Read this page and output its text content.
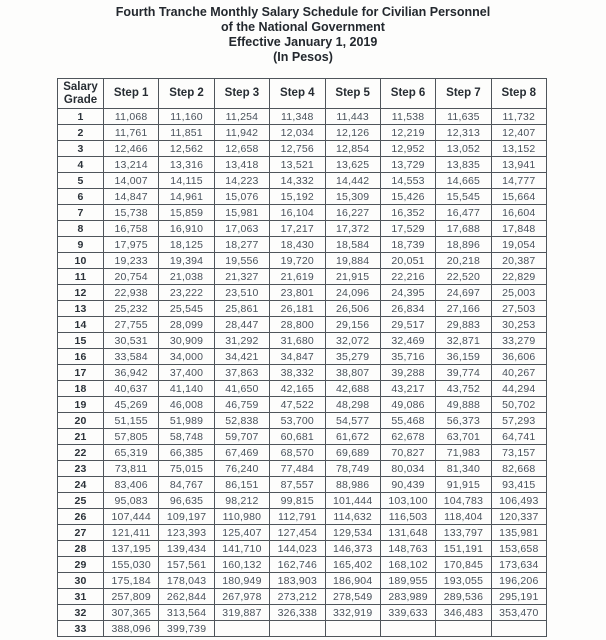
Fourth Tranche Monthly Salary Schedule for Civilian Personnel
of the National Government
Effective January 1, 2019
(In Pesos)
Salary Grade	Step 1	Step 2	Step 3	Step 4	Step 5	Step 6	Step 7	Step 8
1	11,068	11,160	11,254	11,348	11,443	11,538	11,635	11,732
2	11,761	11,851	11,942	12,034	12,126	12,219	12,313	12,407
3	12,466	12,562	12,658	12,756	12,854	12,952	13,052	13,152
4	13,214	13,316	13,418	13,521	13,625	13,729	13,835	13,941
5	14,007	14,115	14,223	14,332	14,442	14,553	14,665	14,777
6	14,847	14,961	15,076	15,192	15,309	15,426	15,545	15,664
7	15,738	15,859	15,981	16,104	16,227	16,352	16,477	16,604
8	16,758	16,910	17,063	17,217	17,372	17,529	17,688	17,848
9	17,975	18,125	18,277	18,430	18,584	18,739	18,896	19,054
10	19,233	19,394	19,556	19,720	19,884	20,051	20,218	20,387
11	20,754	21,038	21,327	21,619	21,915	22,216	22,520	22,829
12	22,938	23,222	23,510	23,801	24,096	24,395	24,697	25,003
13	25,232	25,545	25,861	26,181	26,506	26,834	27,166	27,503
14	27,755	28,099	28,447	28,800	29,156	29,517	29,883	30,253
15	30,531	30,909	31,292	31,680	32,072	32,469	32,871	33,279
16	33,584	34,000	34,421	34,847	35,279	35,716	36,159	36,606
17	36,942	37,400	37,863	38,332	38,807	39,288	39,774	40,267
18	40,637	41,140	41,650	42,165	42,688	43,217	43,752	44,294
19	45,269	46,008	46,759	47,522	48,298	49,086	49,888	50,702
20	51,155	51,989	52,838	53,700	54,577	55,468	56,373	57,293
21	57,805	58,748	59,707	60,681	61,672	62,678	63,701	64,741
22	65,319	66,385	67,469	68,570	69,689	70,827	71,983	73,157
23	73,811	75,015	76,240	77,484	78,749	80,034	81,340	82,668
24	83,406	84,767	86,151	87,557	88,986	90,439	91,915	93,415
25	95,083	96,635	98,212	99,815	101,444	103,100	104,783	106,493
26	107,444	109,197	110,980	112,791	114,632	116,503	118,404	120,337
27	121,411	123,393	125,407	127,454	129,534	131,648	133,797	135,981
28	137,195	139,434	141,710	144,023	146,373	148,763	151,191	153,658
29	155,030	157,561	160,132	162,746	165,402	168,102	170,845	173,634
30	175,184	178,043	180,949	183,903	186,904	189,955	193,055	196,206
31	257,809	262,844	267,978	273,212	278,549	283,989	289,536	295,191
32	307,365	313,564	319,887	326,338	332,919	339,633	346,483	353,470
33	388,096	399,739						
